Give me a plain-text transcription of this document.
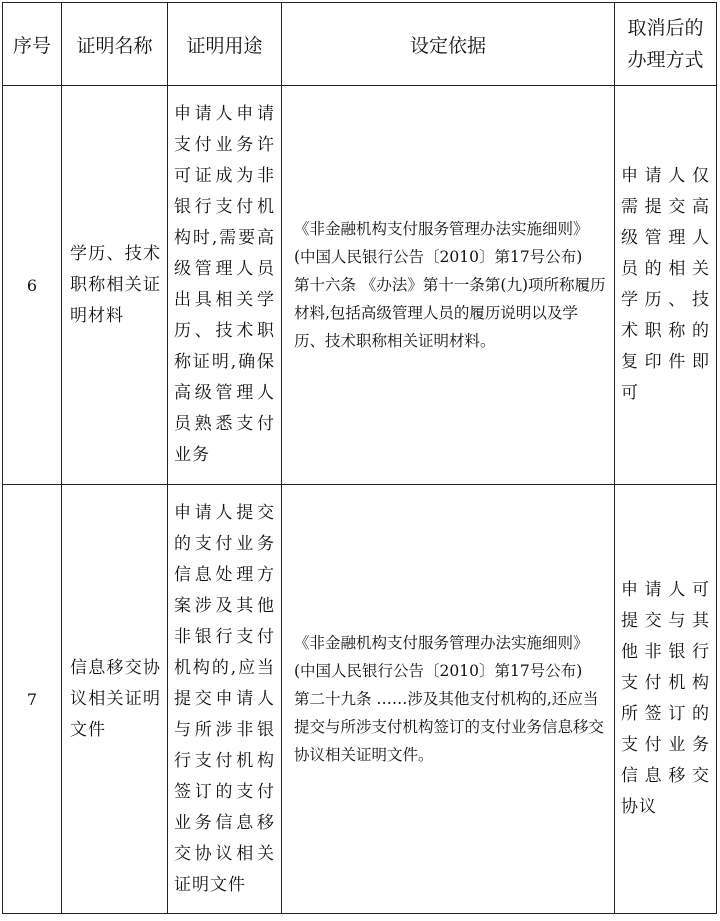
序号	证明名称	证明用途	设定依据	取消后的
办理方式

6	学历、技术职称相关证明材料	申请人申请支付业务许可证成为非银行支付机构时,需要高级管理人员出具相关学历、技术职称证明,确保高级管理人员熟悉支付业务	《非金融机构支付服务管理办法实施细则》(中国人民银行公告〔2010〕第17号公布)
第十六条 《办法》第十一条第(九)项所称履历材料,包括高级管理人员的履历说明以及学历、技术职称相关证明材料。	申请人仅需提交高级管理人员的相关学历、技术职称的复印件即可
7	信息移交协议相关证明文件	申请人提交的支付业务信息处理方案涉及其他非银行支付机构的,应当提交申请人与所涉非银行支付机构签订的支付业务信息移交协议相关证明文件	《非金融机构支付服务管理办法实施细则》(中国人民银行公告〔2010〕第17号公布)
第二十九条 ……涉及其他支付机构的,还应当提交与所涉支付机构签订的支付业务信息移交协议相关证明文件。	申请人可提交与其他非银行支付机构所签订的支付业务信息移交协议
